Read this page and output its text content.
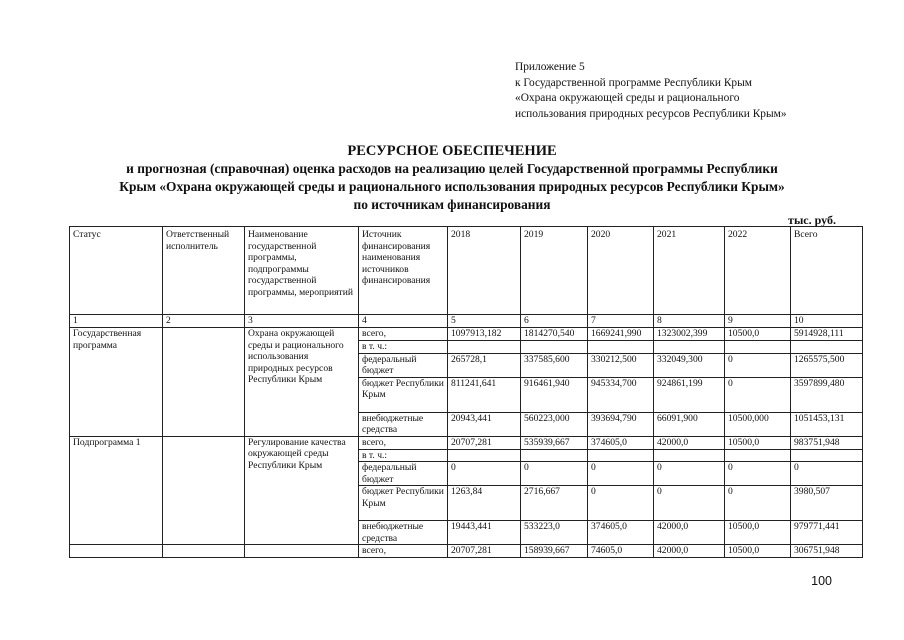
Приложение 5
к Государственной программе Республики Крым
«Охрана окружающей среды и рационального
использования природных ресурсов Республики Крым»
РЕСУРСНОЕ ОБЕСПЕЧЕНИЕ
и прогнозная (справочная) оценка расходов на реализацию целей Государственной программы Республики
Крым «Охрана окружающей среды и рационального использования природных ресурсов Республики Крым»
по источникам финансирования
тыс. руб.
Статус	Ответственный исполнитель	Наименование государственной программы, подпрограммы государственной программы, мероприятий	Источник финансирования наименования источников финансирования	2018	2019	2020	2021	2022	Всего
1	2	3	4	5	6	7	8	9	10
Государственная программа		Охрана окружающей среды и рационального использования природных ресурсов Республики Крым	всего,	1097913,182	1814270,540	1669241,990	1323002,399	10500,0	5914928,111
			в т. ч.:						
			федеральный бюджет	265728,1	337585,600	330212,500	332049,300	0	1265575,500
			бюджет Республики Крым	811241,641	916461,940	945334,700	924861,199	0	3597899,480
			внебюджетные средства	20943,441	560223,000	393694,790	66091,900	10500,000	1051453,131
Подпрограмма 1		Регулирование качества окружающей среды Республики Крым	всего,	20707,281	535939,667	374605,0	42000,0	10500,0	983751,948
			в т. ч.:						
			федеральный бюджет	0	0	0	0	0	0
			бюджет Республики Крым	1263,84	2716,667	0	0	0	3980,507
			внебюджетные средства	19443,441	533223,0	374605,0	42000,0	10500,0	979771,441
			всего,	20707,281	158939,667	74605,0	42000,0	10500,0	306751,948
100
